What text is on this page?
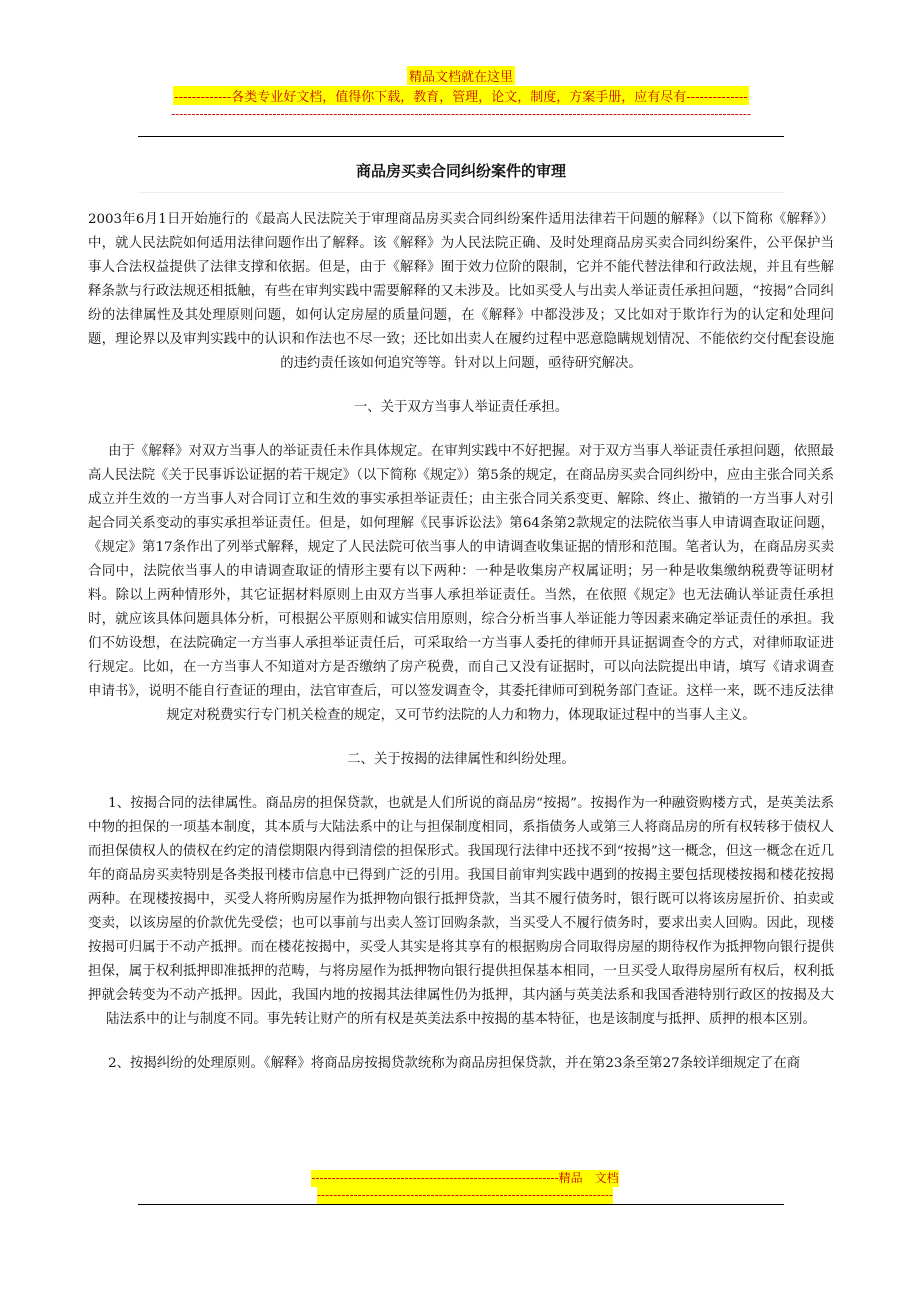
精品文档就在这里
-------------各类专业好文档，值得你下载，教育，管理，论文，制度，方案手册，应有尽有--------------
-----------------------------------------------------------------------------------------------------------------------------------------------
商品房买卖合同纠纷案件的审理

2003年6月1日开始施行的《最高人民法院关于审理商品房买卖合同纠纷案件适用法律若干问题的解释》（以下简称《解释》）中，就人民法院如何适用法律问题作出了解释。该《解释》为人民法院正确、及时处理商品房买卖合同纠纷案件，公平保护当事人合法权益提供了法律支撑和依据。但是，由于《解释》囿于效力位阶的限制，它并不能代替法律和行政法规，并且有些解释条款与行政法规还相抵触，有些在审判实践中需要解释的又未涉及。比如买受人与出卖人举证责任承担问题，“按揭”合同纠纷的法律属性及其处理原则问题，如何认定房屋的质量问题，在《解释》中都没涉及；又比如对于欺诈行为的认定和处理问题，理论界以及审判实践中的认识和作法也不尽一致；还比如出卖人在履约过程中恶意隐瞒规划情况、不能依约交付配套设施的违约责任该如何追究等等。针对以上问题，亟待研究解决。

一、关于双方当事人举证责任承担。

由于《解释》对双方当事人的举证责任未作具体规定。在审判实践中不好把握。对于双方当事人举证责任承担问题，依照最高人民法院《关于民事诉讼证据的若干规定》（以下简称《规定》）第5条的规定，在商品房买卖合同纠纷中，应由主张合同关系成立并生效的一方当事人对合同订立和生效的事实承担举证责任；由主张合同关系变更、解除、终止、撤销的一方当事人对引起合同关系变动的事实承担举证责任。但是，如何理解《民事诉讼法》第64条第2款规定的法院依当事人申请调查取证问题，《规定》第17条作出了列举式解释，规定了人民法院可依当事人的申请调查收集证据的情形和范围。笔者认为，在商品房买卖合同中，法院依当事人的申请调查取证的情形主要有以下两种：一种是收集房产权属证明；另一种是收集缴纳税费等证明材料。除以上两种情形外，其它证据材料原则上由双方当事人承担举证责任。当然，在依照《规定》也无法确认举证责任承担时，就应该具体问题具体分析，可根据公平原则和诚实信用原则，综合分析当事人举证能力等因素来确定举证责任的承担。我们不妨设想，在法院确定一方当事人承担举证责任后，可采取给一方当事人委托的律师开具证据调查令的方式，对律师取证进行规定。比如，在一方当事人不知道对方是否缴纳了房产税费，而自己又没有证据时，可以向法院提出申请，填写《请求调查申请书》，说明不能自行查证的理由，法官审查后，可以签发调查令，其委托律师可到税务部门查证。这样一来，既不违反法律规定对税费实行专门机关检查的规定，又可节约法院的人力和物力，体现取证过程中的当事人主义。

二、关于按揭的法律属性和纠纷处理。

1、按揭合同的法律属性。商品房的担保贷款，也就是人们所说的商品房“按揭”。按揭作为一种融资购楼方式，是英美法系中物的担保的一项基本制度，其本质与大陆法系中的让与担保制度相同，系指债务人或第三人将商品房的所有权转移于债权人而担保债权人的债权在约定的清偿期限内得到清偿的担保形式。我国现行法律中还找不到“按揭”这一概念，但这一概念在近几年的商品房买卖特别是各类报刊楼市信息中已得到广泛的引用。我国目前审判实践中遇到的按揭主要包括现楼按揭和楼花按揭两种。在现楼按揭中，买受人将所购房屋作为抵押物向银行抵押贷款，当其不履行债务时，银行既可以将该房屋折价、拍卖或变卖，以该房屋的价款优先受偿；也可以事前与出卖人签订回购条款，当买受人不履行债务时，要求出卖人回购。因此，现楼按揭可归属于不动产抵押。而在楼花按揭中，买受人其实是将其享有的根据购房合同取得房屋的期待权作为抵押物向银行提供担保，属于权利抵押即准抵押的范畴，与将房屋作为抵押物向银行提供担保基本相同，一旦买受人取得房屋所有权后，权利抵押就会转变为不动产抵押。因此，我国内地的按揭其法律属性仍为抵押，其内涵与英美法系和我国香港特别行政区的按揭及大陆法系中的让与制度不同。事先转让财产的所有权是英美法系中按揭的基本特征，也是该制度与抵押、质押的根本区别。

2、按揭纠纷的处理原则。《解释》将商品房按揭贷款统称为商品房担保贷款，并在第23条至第27条较详细规定了在商

-------------------------------------------------------------精品　文档
-------------------------------------------------------------------------
